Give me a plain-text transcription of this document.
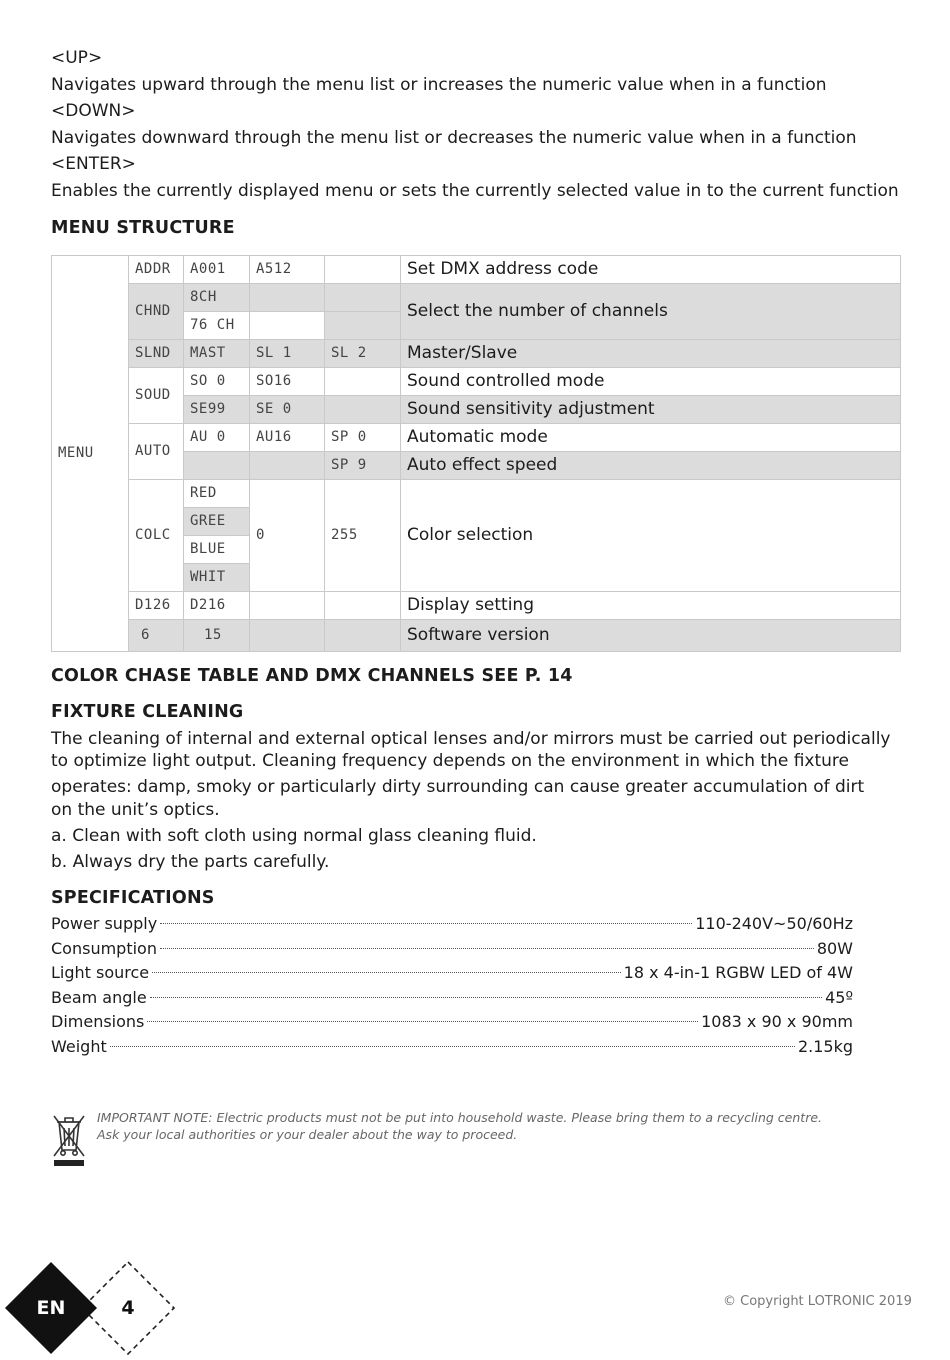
<UP>
Navigates upward through the menu list or increases the numeric value when in a function
<DOWN>
Navigates downward through the menu list or decreases the numeric value when in a function
<ENTER>
Enables the currently displayed menu or sets the currently selected value in to the current function
MENU STRUCTURE
MENU	ADDR	A001	A512		Set DMX address code
	CHND	8CH			Select the number of channels
		76 CH			
	SLND	MAST	SL 1	SL 2	Master/Slave
	SOUD	SO 0	SO16		Sound controlled mode
		SE99	SE 0		Sound sensitivity adjustment
	AUTO	AU 0	AU16	SP 0	Automatic mode
				SP 9	Auto effect speed
	COLC	RED	0	255	Color selection
		GREE			
		BLUE			
		WHIT			
	D126	D216			Display setting
	6	15			Software version
COLOR CHASE TABLE AND DMX CHANNELS SEE P. 14
FIXTURE CLEANING
The cleaning of internal and external optical lenses and/or mirrors must be carried out periodically
to optimize light output. Cleaning frequency depends on the environment in which the fixture
operates: damp, smoky or particularly dirty surrounding can cause greater accumulation of dirt
on the unit’s optics.
a. Clean with soft cloth using normal glass cleaning fluid.
b. Always dry the parts carefully.
SPECIFICATIONS
Power supply	110-240V~50/60Hz
Consumption	80W
Light source	18 x 4-in-1 RGBW LED of 4W
Beam angle	45º
Dimensions	1083 x 90 x 90mm
Weight	2.15kg
IMPORTANT NOTE: Electric products must not be put into household waste. Please bring them to a recycling centre.
Ask your local authorities or your dealer about the way to proceed.
© Copyright LOTRONIC 2019
EN	4
